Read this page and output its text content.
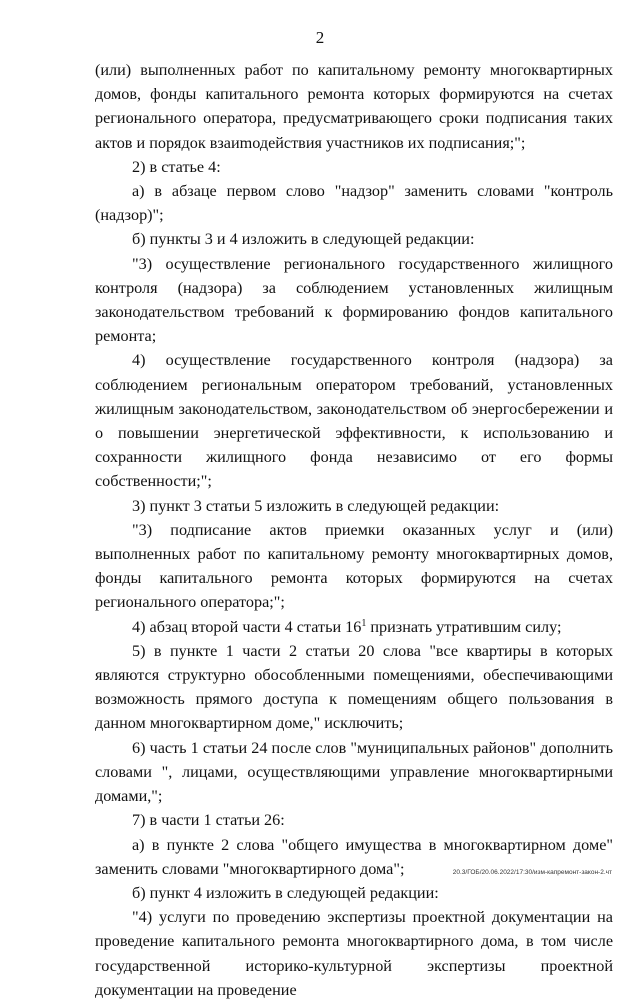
2

(или) выполненных работ по капитальному ремонту многоквартирных домов, фонды капитального ремонта которых формируются на счетах регионального оператора, предусматривающего сроки подписания таких актов и порядок взаиmодействия участников их подписания;";

2) в статье 4:

а) в абзаце первом слово "надзор" заменить словами "контроль (надзор)";

б) пункты 3 и 4 изложить в следующей редакции:

"3) осуществление регионального государственного жилищного контроля (надзора) за соблюдением установленных жилищным законодательством требований к формированию фондов капитального ремонта;

4) осуществление государственного контроля (надзора) за соблюдением региональным оператором требований, установленных жилищным законодательством, законодательством об энергосбережении и о повышении энергетической эффективности, к использованию и сохранности жилищного фонда независимо от его формы собственности;";

3) пункт 3 статьи 5 изложить в следующей редакции:

"3) подписание актов приемки оказанных услуг и (или) выполненных работ по капитальному ремонту многоквартирных домов, фонды капитального ремонта которых формируются на счетах регионального оператора;";

4) абзац второй части 4 статьи $16^1$ признать утратившим силу;

5) в пункте 1 части 2 статьи 20 слова "все квартиры в которых являются структурно обособленными помещениями, обеспечивающими возможность прямого доступа к помещениям общего пользования в данном многоквартирном доме," исключить;

6) часть 1 статьи 24 после слов "муниципальных районов" дополнить словами ", лицами, осуществляющими управление многоквартирными домами,";

7) в части 1 статьи 26:

а) в пункте 2 слова "общего имущества в многоквартирном доме" заменить словами "многоквартирного дома";

б) пункт 4 изложить в следующей редакции:

"4) услуги по проведению экспертизы проектной документации на проведение капитального ремонта многоквартирного дома, в том числе государственной историко-культурной экспертизы проектной документации на проведение

20.3/ГОБ/20.06.2022/17:30/изм-капремонт-закон-2.чт
